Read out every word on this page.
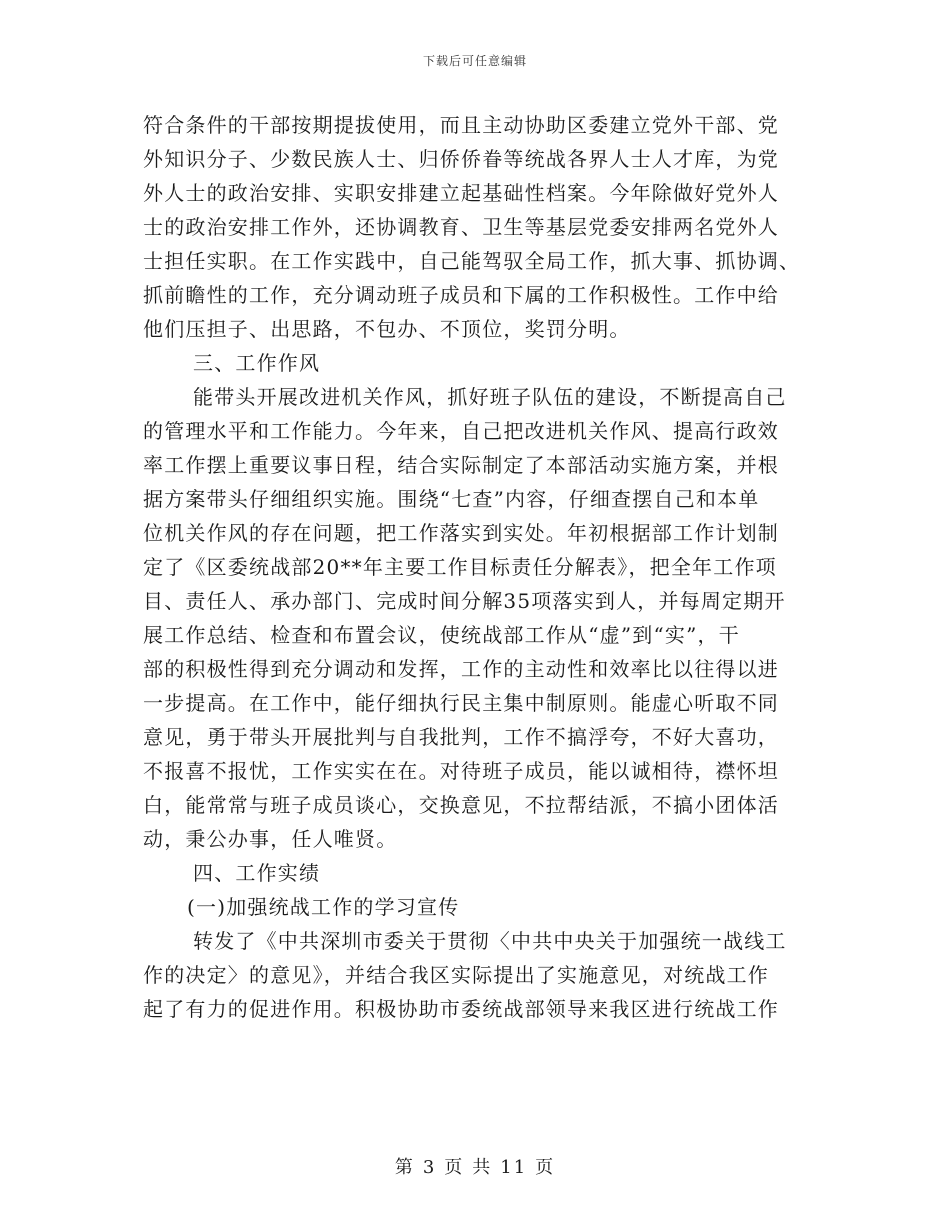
下载后可任意编辑
符合条件的干部按期提拔使用，而且主动协助区委建立党外干部、党
外知识分子、少数民族人士、归侨侨眷等统战各界人士人才库，为党
外人士的政治安排、实职安排建立起基础性档案。今年除做好党外人
士的政治安排工作外，还协调教育、卫生等基层党委安排两名党外人
士担任实职。在工作实践中，自己能驾驭全局工作，抓大事、抓协调、
抓前瞻性的工作，充分调动班子成员和下属的工作积极性。工作中给
他们压担子、出思路，不包办、不顶位，奖罚分明。
三、工作作风
能带头开展改进机关作风，抓好班子队伍的建设，不断提高自己
的管理水平和工作能力。今年来，自己把改进机关作风、提高行政效
率工作摆上重要议事日程，结合实际制定了本部活动实施方案，并根
据方案带头仔细组织实施。围绕“七查”内容，仔细查摆自己和本单
位机关作风的存在问题，把工作落实到实处。年初根据部工作计划制
定了《区委统战部20**年主要工作目标责任分解表》，把全年工作项
目、责任人、承办部门、完成时间分解35项落实到人，并每周定期开
展工作总结、检查和布置会议，使统战部工作从“虚”到“实”，干
部的积极性得到充分调动和发挥，工作的主动性和效率比以往得以进
一步提高。在工作中，能仔细执行民主集中制原则。能虚心听取不同
意见，勇于带头开展批判与自我批判，工作不搞浮夸，不好大喜功，
不报喜不报忧，工作实实在在。对待班子成员，能以诚相待，襟怀坦
白，能常常与班子成员谈心，交换意见，不拉帮结派，不搞小团体活
动，秉公办事，任人唯贤。
四、工作实绩
(一)加强统战工作的学习宣传
转发了《中共深圳市委关于贯彻〈中共中央关于加强统一战线工
作的决定〉的意见》，并结合我区实际提出了实施意见，对统战工作
起了有力的促进作用。积极协助市委统战部领导来我区进行统战工作
第 3 页 共 11 页
